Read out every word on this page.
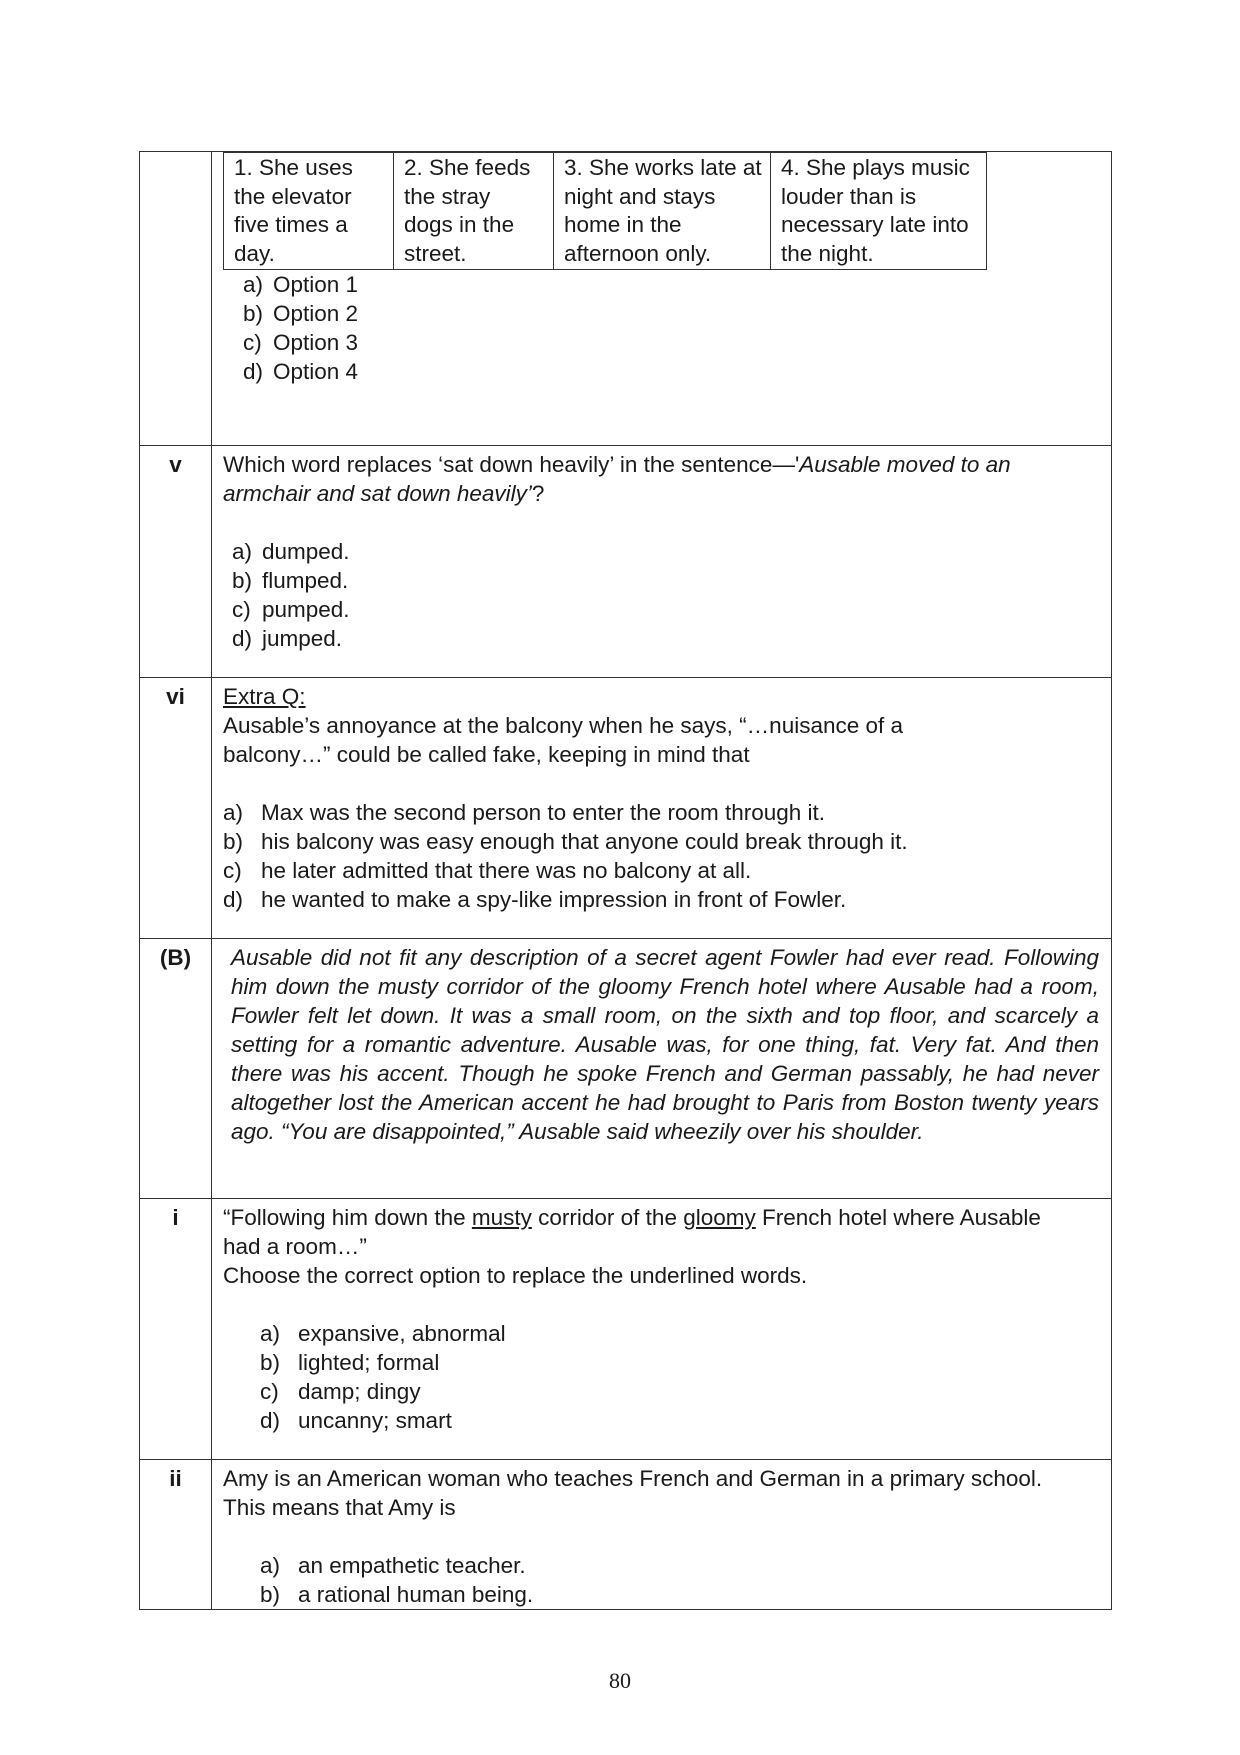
1. She uses the elevator five times a day.	2. She feeds the stray dogs in the street.	3. She works late at night and stays home in the afternoon only.	4. She plays music louder than is necessary late into the night.
a) Option 1
b) Option 2
c) Option 3
d) Option 4

v	Which word replaces ‘sat down heavily’ in the sentence—'Ausable moved to an armchair and sat down heavily’?
a) dumped.
b) flumped.
c) pumped.
d) jumped.

vi	Extra Q:
Ausable’s annoyance at the balcony when he says, “…nuisance of a balcony…” could be called fake, keeping in mind that
a) Max was the second person to enter the room through it.
b) his balcony was easy enough that anyone could break through it.
c) he later admitted that there was no balcony at all.
d) he wanted to make a spy-like impression in front of Fowler.

(B)	Ausable did not fit any description of a secret agent Fowler had ever read. Following him down the musty corridor of the gloomy French hotel where Ausable had a room, Fowler felt let down. It was a small room, on the sixth and top floor, and scarcely a setting for a romantic adventure. Ausable was, for one thing, fat. Very fat. And then there was his accent. Though he spoke French and German passably, he had never altogether lost the American accent he had brought to Paris from Boston twenty years ago. “You are disappointed,” Ausable said wheezily over his shoulder.

i	“Following him down the musty corridor of the gloomy French hotel where Ausable had a room…”
Choose the correct option to replace the underlined words.
a) expansive, abnormal
b) lighted; formal
c) damp; dingy
d) uncanny; smart

ii	Amy is an American woman who teaches French and German in a primary school. This means that Amy is
a) an empathetic teacher.
b) a rational human being.
80
